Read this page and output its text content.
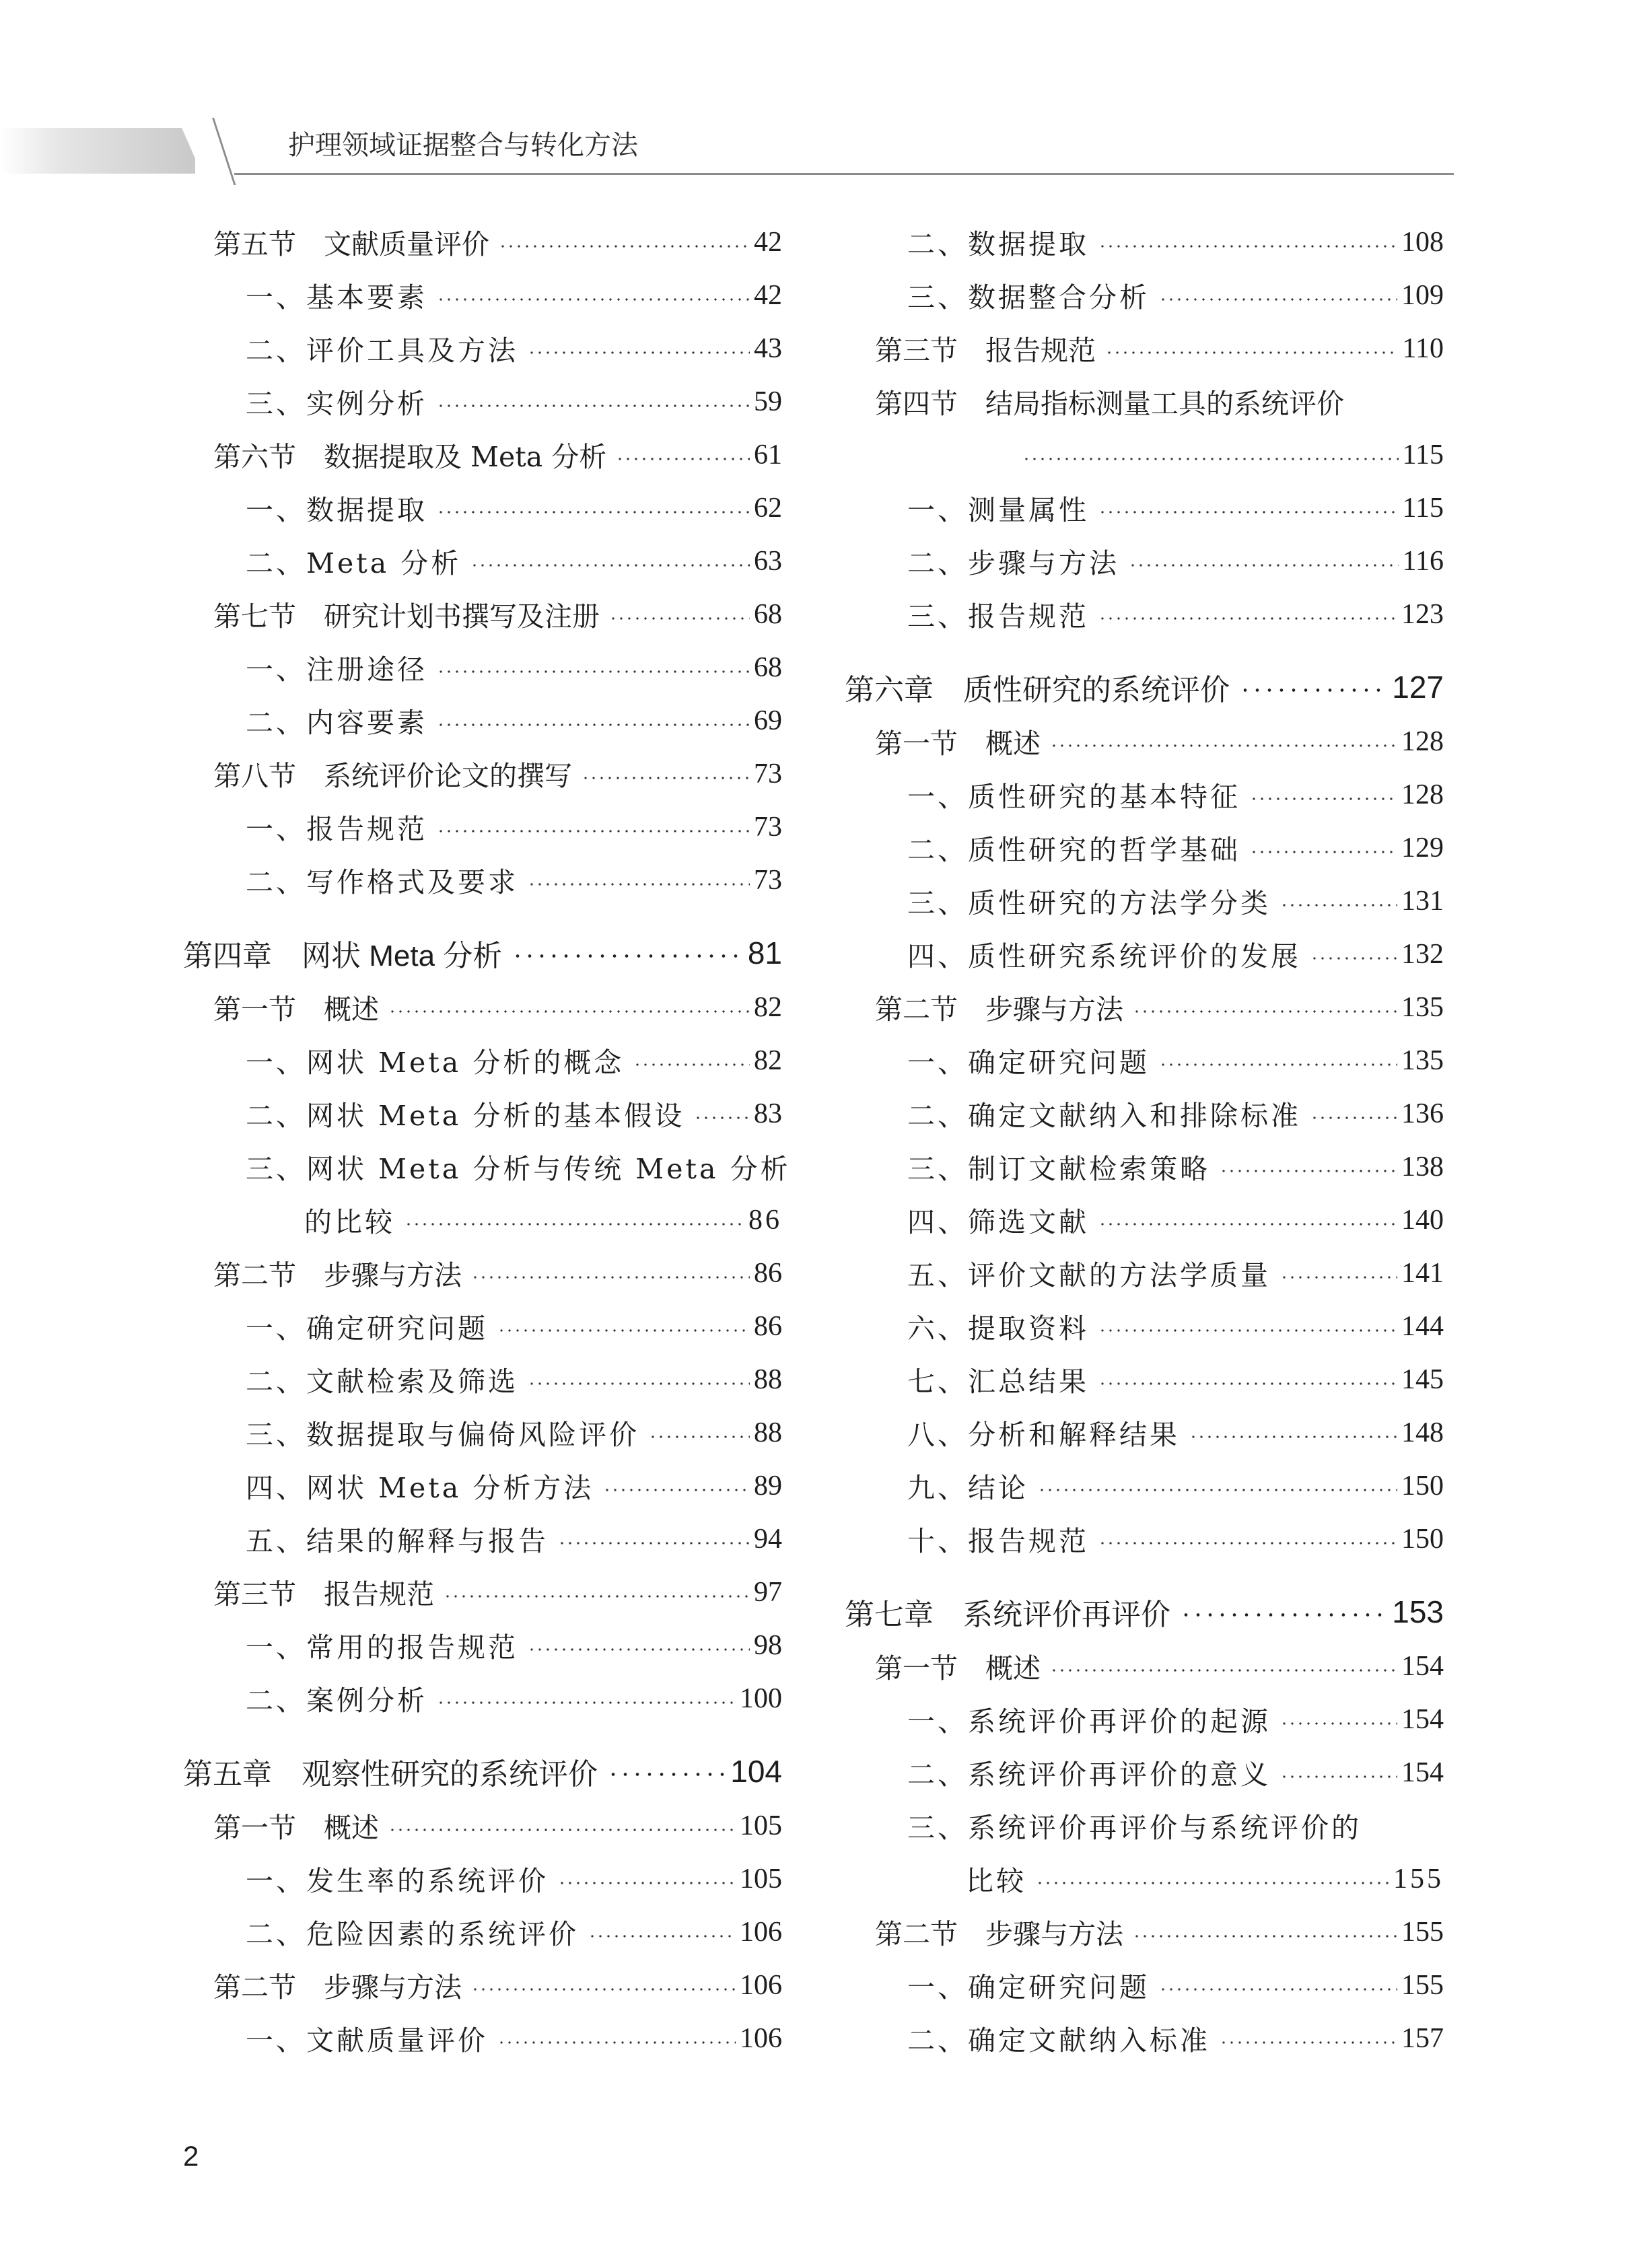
护理领域证据整合与转化方法
第五节　文献质量评价	42
一、基本要素	42
二、评价工具及方法	43
三、实例分析	59
第六节　数据提取及 Meta 分析	61
一、数据提取	62
二、Meta 分析	63
第七节　研究计划书撰写及注册	68
一、注册途径	68
二、内容要素	69
第八节　系统评价论文的撰写	73
一、报告规范	73
二、写作格式及要求	73
第四章　网状 Meta 分析	81
第一节　概述	82
一、网状 Meta 分析的概念	82
二、网状 Meta 分析的基本假设	83
三、网状 Meta 分析与传统 Meta 分析
的比较	86
第二节　步骤与方法	86
一、确定研究问题	86
二、文献检索及筛选	88
三、数据提取与偏倚风险评价	88
四、网状 Meta 分析方法	89
五、结果的解释与报告	94
第三节　报告规范	97
一、常用的报告规范	98
二、案例分析	100
第五章　观察性研究的系统评价	104
第一节　概述	105
一、发生率的系统评价	105
二、危险因素的系统评价	106
第二节　步骤与方法	106
一、文献质量评价	106
二、数据提取	108
三、数据整合分析	109
第三节　报告规范	110
第四节　结局指标测量工具的系统评价
115
一、测量属性	115
二、步骤与方法	116
三、报告规范	123
第六章　质性研究的系统评价	127
第一节　概述	128
一、质性研究的基本特征	128
二、质性研究的哲学基础	129
三、质性研究的方法学分类	131
四、质性研究系统评价的发展	132
第二节　步骤与方法	135
一、确定研究问题	135
二、确定文献纳入和排除标准	136
三、制订文献检索策略	138
四、筛选文献	140
五、评价文献的方法学质量	141
六、提取资料	144
七、汇总结果	145
八、分析和解释结果	148
九、结论	150
十、报告规范	150
第七章　系统评价再评价	153
第一节　概述	154
一、系统评价再评价的起源	154
二、系统评价再评价的意义	154
三、系统评价再评价与系统评价的
比较	155
第二节　步骤与方法	155
一、确定研究问题	155
二、确定文献纳入标准	157
2
